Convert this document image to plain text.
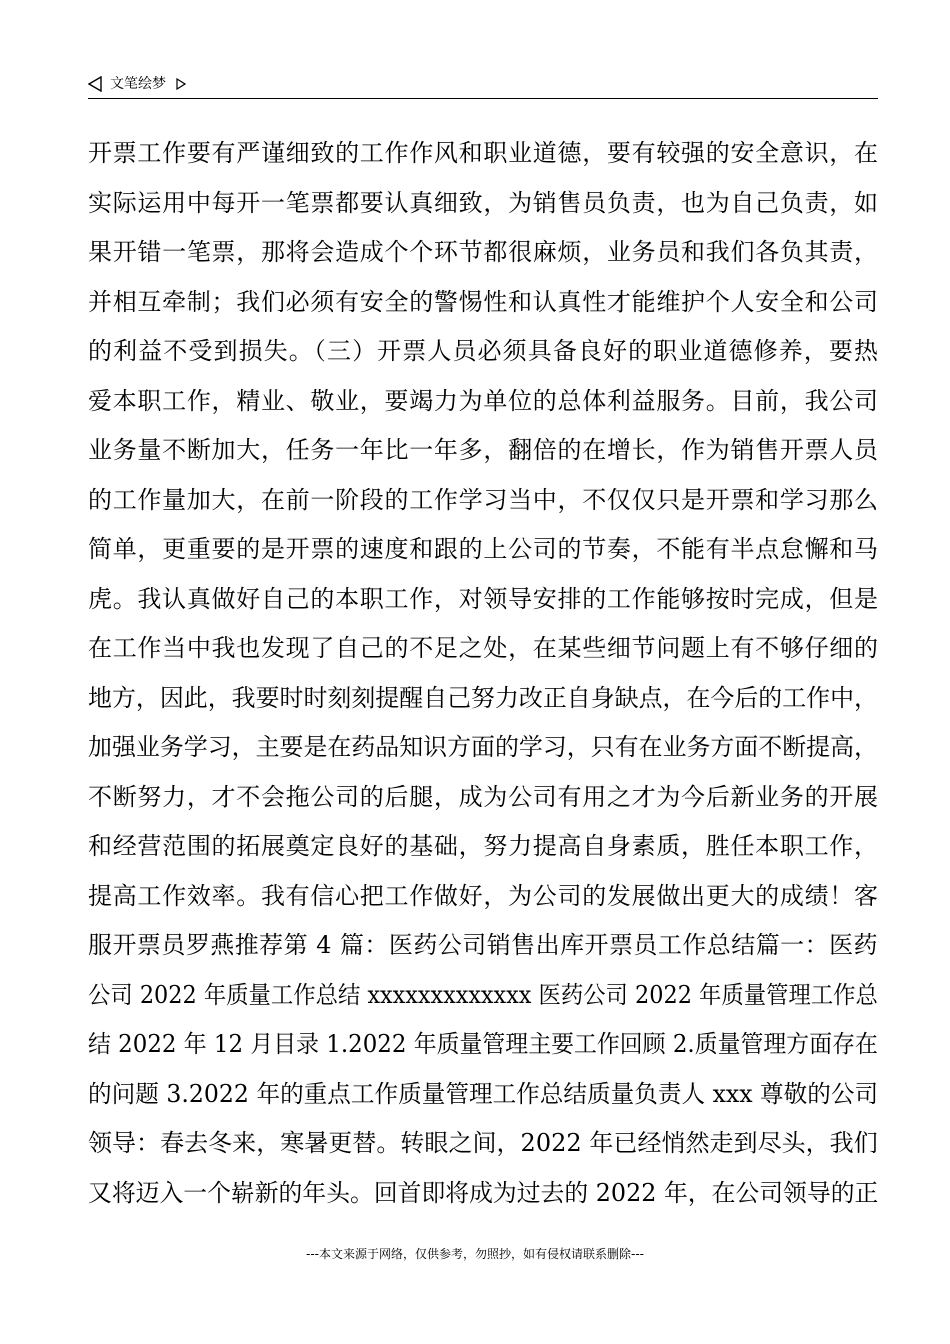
文笔绘梦
开票工作要有严谨细致的工作作风和职业道德，要有较强的安全意识，在
实际运用中每开一笔票都要认真细致，为销售员负责，也为自己负责，如
果开错一笔票，那将会造成个个环节都很麻烦，业务员和我们各负其责，
并相互牵制；我们必须有安全的警惕性和认真性才能维护个人安全和公司
的利益不受到损失。（三）开票人员必须具备良好的职业道德修养，要热
爱本职工作，精业、敬业，要竭力为单位的总体利益服务。目前，我公司
业务量不断加大，任务一年比一年多，翻倍的在增长，作为销售开票人员
的工作量加大，在前一阶段的工作学习当中，不仅仅只是开票和学习那么
简单，更重要的是开票的速度和跟的上公司的节奏，不能有半点怠懈和马
虎。我认真做好自己的本职工作，对领导安排的工作能够按时完成，但是
在工作当中我也发现了自己的不足之处，在某些细节问题上有不够仔细的
地方，因此，我要时时刻刻提醒自己努力改正自身缺点，在今后的工作中，
加强业务学习，主要是在药品知识方面的学习，只有在业务方面不断提高，
不断努力，才不会拖公司的后腿，成为公司有用之才为今后新业务的开展
和经营范围的拓展奠定良好的基础，努力提高自身素质，胜任本职工作，
提高工作效率。我有信心把工作做好，为公司的发展做出更大的成绩！客
服开票员罗燕推荐第 4 篇：医药公司销售出库开票员工作总结篇一：医药
公司 2022 年质量工作总结 xxxxxxxxxxxxx 医药公司 2022 年质量管理工作总
结 2022 年 12 月目录 1.2022 年质量管理主要工作回顾 2.质量管理方面存在
的问题 3.2022 年的重点工作质量管理工作总结质量负责人 xxx 尊敬的公司
领导：春去冬来，寒暑更替。转眼之间，2022 年已经悄然走到尽头，我们
又将迈入一个崭新的年头。回首即将成为过去的 2022 年，在公司领导的正
---本文来源于网络，仅供参考，勿照抄，如有侵权请联系删除---
